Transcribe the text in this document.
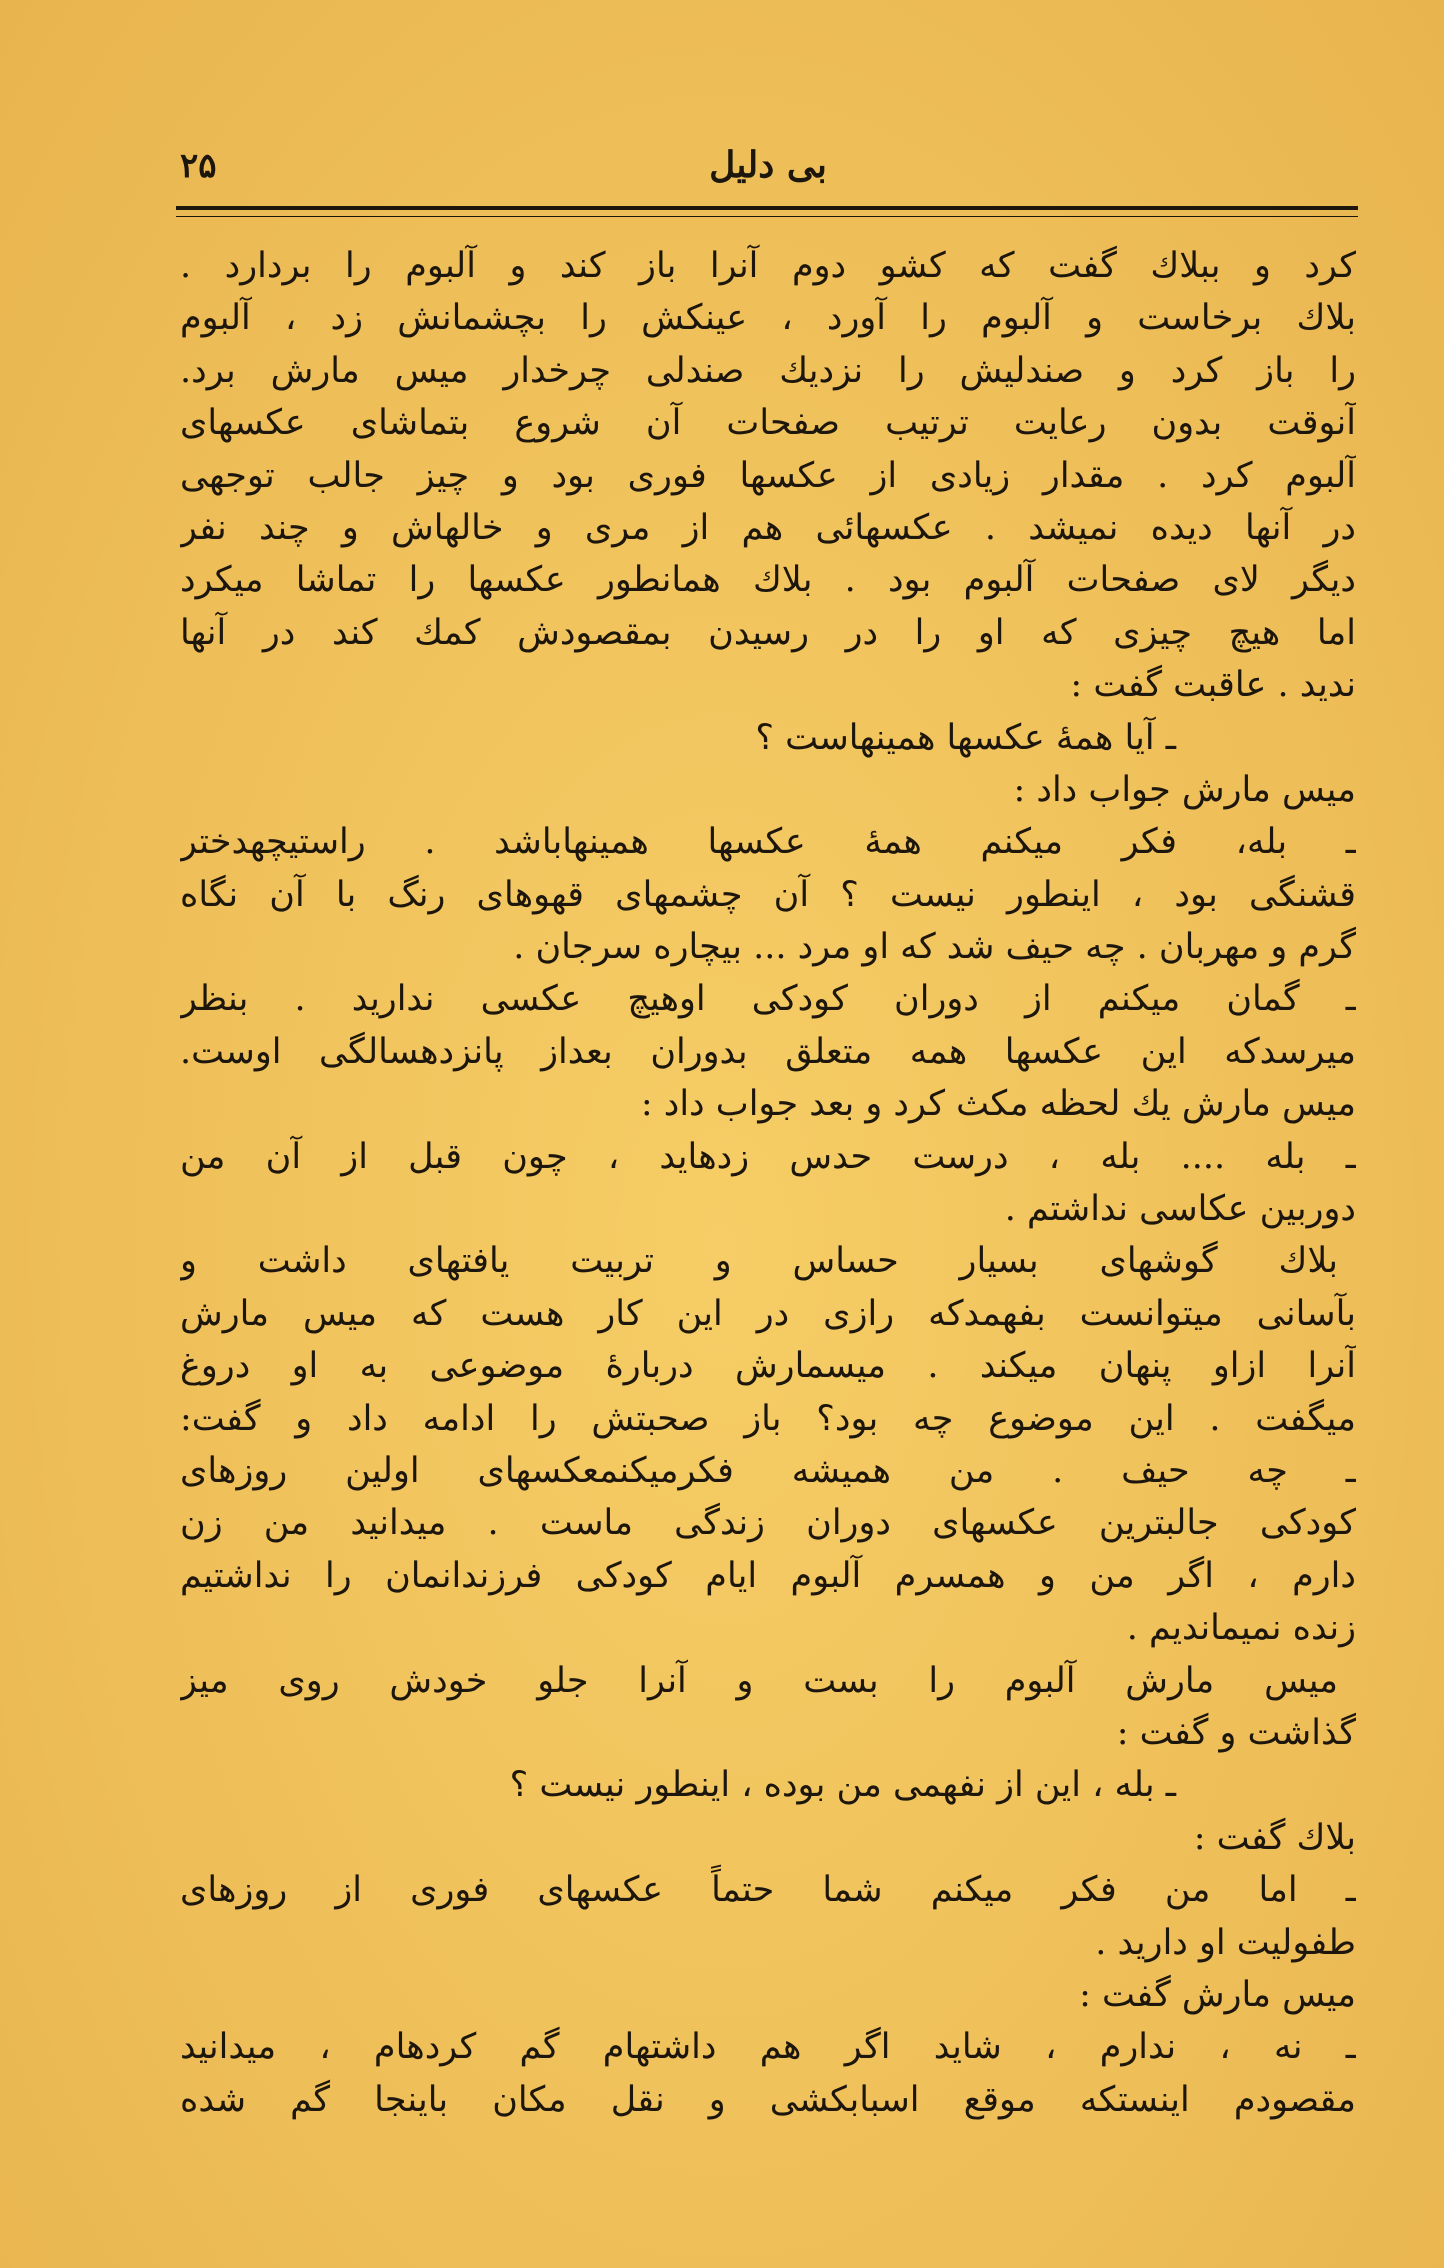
۲۵	بی دلیل
کرد و ببلاك گفت که کشو دوم آنرا باز کند و آلبوم را بردارد .
بلاك برخاست و آلبوم را آورد ، عینکش را بچشمانش زد ، آلبوم
را باز کرد و صندلیش را نزدیك صندلی چرخدار میس مارش برد.
آنوقت بدون رعایت ترتیب صفحات آن شروع بتماشای عکسهای
آلبوم کرد . مقدار زیادی از عکسها فوری بود و چیز جالب توجهی
در آنها دیده نمیشد . عکسهائی هم از مری و خالهاش و چند نفر
دیگر لای صفحات آلبوم بود . بلاك همانطور عکسها را تماشا میکرد
اما هیچ چیزی که او را در رسیدن بمقصودش کمك کند در آنها
ندید . عاقبت گفت :
ـ آیا همهٔ عکسها همینهاست ؟
میس مارش جواب داد :
ـ بله، فکر میکنم همهٔ عکسها همینهاباشد . راستیچهدختر
قشنگی بود ، اینطور نیست ؟ آن چشمهای قهوهای رنگ با آن نگاه
گرم و مهربان . چه حیف شد که او مرد ... بیچاره سرجان .
ـ گمان میکنم از دوران کودکی اوهیچ عکسی ندارید . بنظر
میرسدکه این عکسها همه متعلق بدوران بعداز پانزدهسالگی اوست.
میس مارش یك لحظه مکث کرد و بعد جواب داد :
ـ بله .... بله ، درست حدس زدهاید ، چون قبل از آن من
دوربین عکاسی نداشتم .
بلاك گوشهای بسیار حساس و تربیت یافتهای داشت و
بآسانی میتوانست بفهمدکه رازی در این کار هست که میس مارش
آنرا ازاو پنهان میکند . میسمارش دربارهٔ موضوعی به او دروغ
میگفت . این موضوع چه بود؟ باز صحبتش را ادامه داد و گفت:
ـ چه حیف . من همیشه فکرمیکنمعکسهای اولین روزهای
کودکی جالبترین عکسهای دوران زندگی ماست . میدانید من زن
دارم ، اگر من و همسرم آلبوم ایام کودکی فرزندانمان را نداشتیم
زنده نمیماندیم .
میس مارش آلبوم را بست و آنرا جلو خودش روی میز
گذاشت و گفت :
ـ بله ، این از نفهمی من بوده ، اینطور نیست ؟
بلاك گفت :
ـ اما من فکر میکنم شما حتماً عکسهای فوری از روزهای
طفولیت او دارید .
میس مارش گفت :
ـ نه ، ندارم ، شاید اگر هم داشتهام گم کردهام ، میدانید
مقصودم اینستکه موقع اسبابکشی و نقل مکان باینجا گم شده
